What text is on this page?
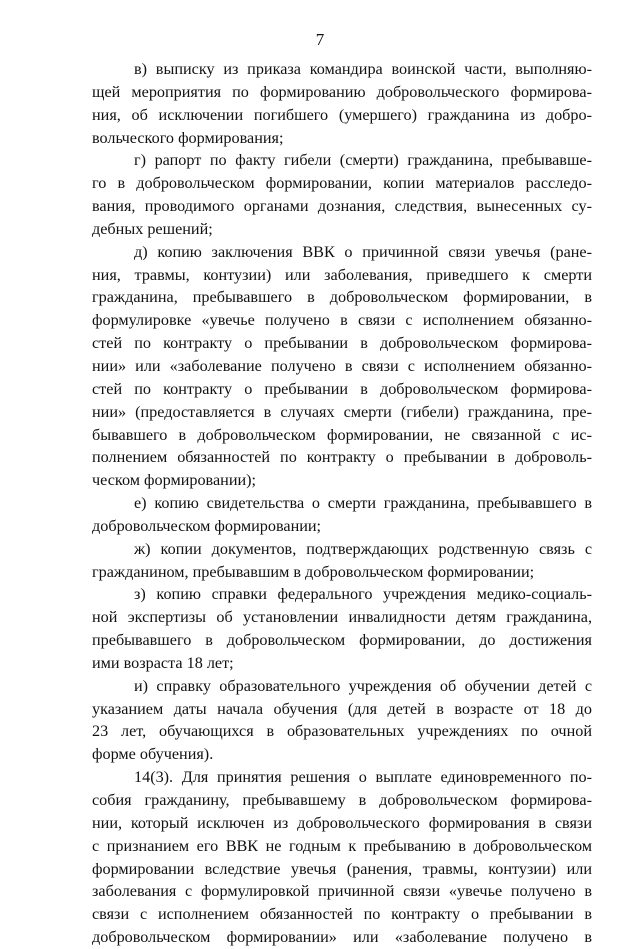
7
в) выписку из приказа командира воинской части, выполняю-
щей мероприятия по формированию добровольческого формирова-
ния, об исключении погибшего (умершего) гражданина из добро-
вольческого формирования;
г) рапорт по факту гибели (смерти) гражданина, пребывавше-
го в добровольческом формировании, копии материалов расследо-
вания, проводимого органами дознания, следствия, вынесенных су-
дебных решений;
д) копию заключения ВВК о причинной связи увечья (ране-
ния, травмы, контузии) или заболевания, приведшего к смерти
гражданина, пребывавшего в добровольческом формировании, в
формулировке «увечье получено в связи с исполнением обязанно-
стей по контракту о пребывании в добровольческом формирова-
нии» или «заболевание получено в связи с исполнением обязанно-
стей по контракту о пребывании в добровольческом формирова-
нии» (предоставляется в случаях смерти (гибели) гражданина, пре-
бывавшего в добровольческом формировании, не связанной с ис-
полнением обязанностей по контракту о пребывании в доброволь-
ческом формировании);
е) копию свидетельства о смерти гражданина, пребывавшего в
добровольческом формировании;
ж) копии документов, подтверждающих родственную связь с
гражданином, пребывавшим в добровольческом формировании;
з) копию справки федерального учреждения медико-социаль-
ной экспертизы об установлении инвалидности детям гражданина,
пребывавшего в добровольческом формировании, до достижения
ими возраста 18 лет;
и) справку образовательного учреждения об обучении детей с
указанием даты начала обучения (для детей в возрасте от 18 до
23 лет, обучающихся в образовательных учреждениях по очной
форме обучения).
14(3). Для принятия решения о выплате единовременного по-
собия гражданину, пребывавшему в добровольческом формирова-
нии, который исключен из добровольческого формирования в связи
с признанием его ВВК не годным к пребыванию в добровольческом
формировании вследствие увечья (ранения, травмы, контузии) или
заболевания с формулировкой причинной связи «увечье получено в
связи с исполнением обязанностей по контракту о пребывании в
добровольческом формировании» или «заболевание получено в
